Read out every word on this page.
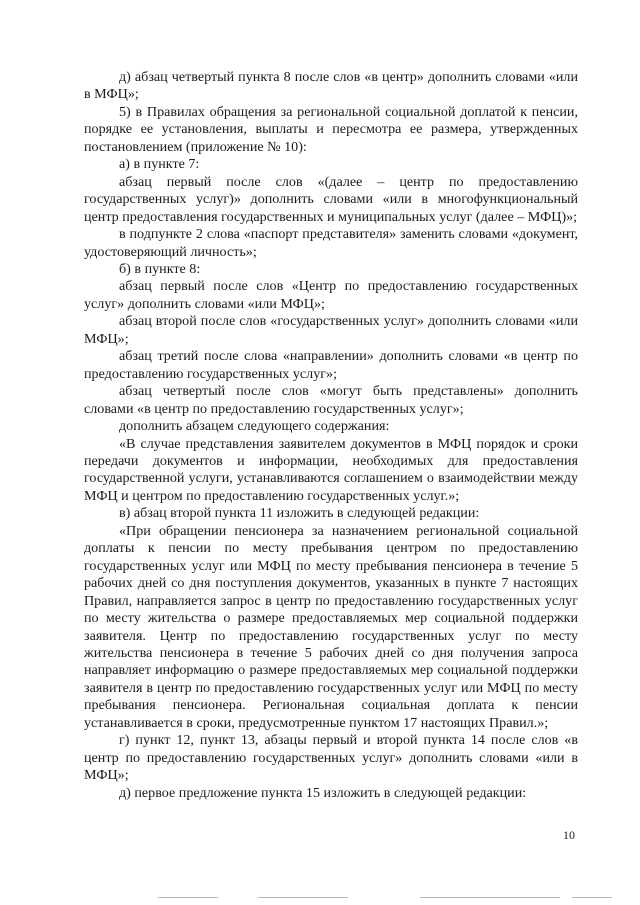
д) абзац четвертый пункта 8 после слов «в центр» дополнить словами «или в МФЦ»;

5) в Правилах обращения за региональной социальной доплатой к пенсии, порядке ее установления, выплаты и пересмотра ее размера, утвержденных постановлением (приложение № 10):

а) в пункте 7:

абзац первый после слов «(далее – центр по предоставлению государственных услуг)» дополнить словами «или в многофункциональный центр предоставления государственных и муниципальных услуг (далее – МФЦ)»;

в подпункте 2 слова «паспорт представителя» заменить словами «документ, удостоверяющий личность»;

б) в пункте 8:

абзац первый после слов «Центр по предоставлению государственных услуг» дополнить словами «или МФЦ»;

абзац второй после слов «государственных услуг» дополнить словами «или МФЦ»;

абзац третий после слова «направлении» дополнить словами «в центр по предоставлению государственных услуг»;

абзац четвертый после слов «могут быть представлены» дополнить словами «в центр по предоставлению государственных услуг»;

дополнить абзацем следующего содержания:

«В случае представления заявителем документов в МФЦ порядок и сроки передачи документов и информации, необходимых для предоставления государственной услуги, устанавливаются соглашением о взаимодействии между МФЦ и центром по предоставлению государственных услуг.»;

в) абзац второй пункта 11 изложить в следующей редакции:

«При обращении пенсионера за назначением региональной социальной доплаты к пенсии по месту пребывания центром по предоставлению государственных услуг или МФЦ по месту пребывания пенсионера в течение 5 рабочих дней со дня поступления документов, указанных в пункте 7 настоящих Правил, направляется запрос в центр по предоставлению государственных услуг по месту жительства о размере предоставляемых мер социальной поддержки заявителя. Центр по предоставлению государственных услуг по месту жительства пенсионера в течение 5 рабочих дней со дня получения запроса направляет информацию о размере предоставляемых мер социальной поддержки заявителя в центр по предоставлению государственных услуг или МФЦ по месту пребывания пенсионера. Региональная социальная доплата к пенсии устанавливается в сроки, предусмотренные пунктом 17 настоящих Правил.»;

г) пункт 12, пункт 13, абзацы первый и второй пункта 14 после слов «в центр по предоставлению государственных услуг» дополнить словами «или в МФЦ»;

д) первое предложение пункта 15 изложить в следующей редакции:

10
